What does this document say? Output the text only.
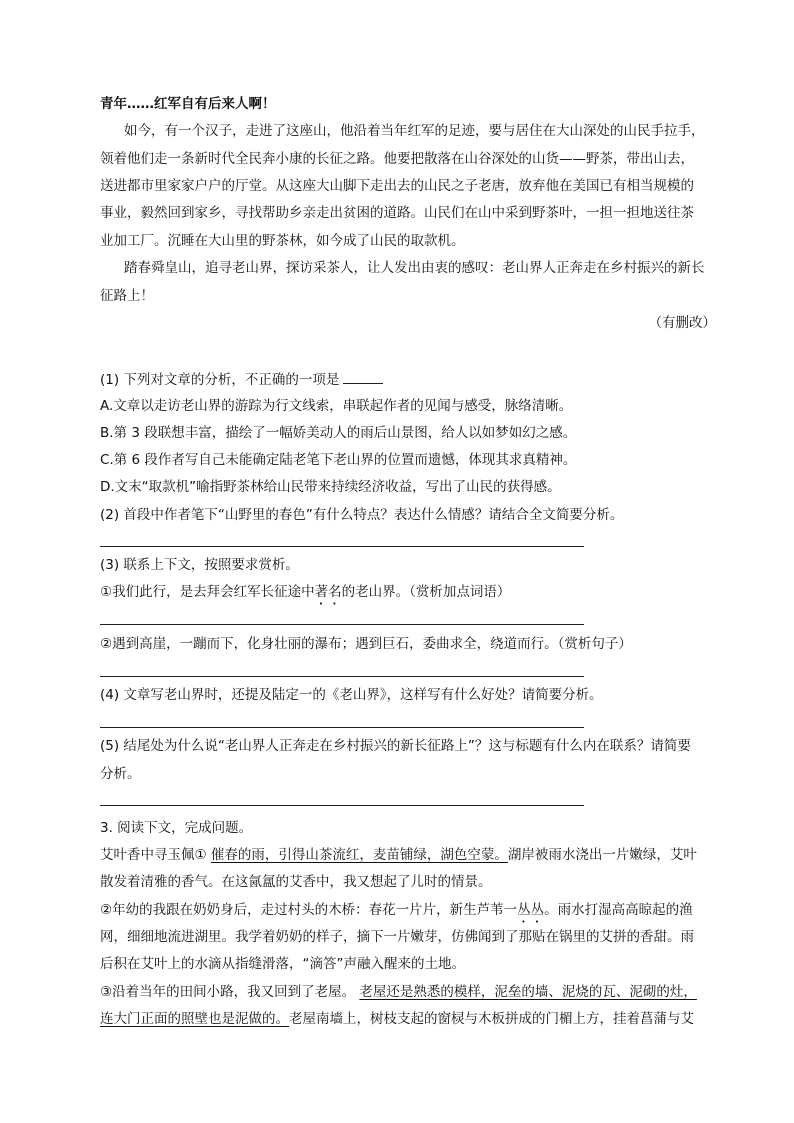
青年……红军自有后来人啊！
如今，有一个汉子，走进了这座山，他沿着当年红军的足迹，要与居住在大山深处的山民手拉手，
领着他们走一条新时代全民奔小康的长征之路。他要把散落在山谷深处的山货——野茶，带出山去，
送进都市里家家户户的厅堂。从这座大山脚下走出去的山民之子老唐，放弃他在美国已有相当规模的
事业，毅然回到家乡，寻找帮助乡亲走出贫困的道路。山民们在山中采到野茶叶，一担一担地送往茶
业加工厂。沉睡在大山里的野茶林，如今成了山民的取款机。
踏春舜皇山，追寻老山界，探访采茶人，让人发出由衷的感叹：老山界人正奔走在乡村振兴的新长
征路上！
（有删改）
(1) 下列对文章的分析，不正确的一项是
A.文章以走访老山界的游踪为行文线索，串联起作者的见闻与感受，脉络清晰。
B.第 3 段联想丰富，描绘了一幅娇美动人的雨后山景图，给人以如梦如幻之感。
C.第 6 段作者写自己未能确定陆老笔下老山界的位置而遗憾，体现其求真精神。
D.文末“取款机”喻指野茶林给山民带来持续经济收益，写出了山民的获得感。
(2) 首段中作者笔下“山野里的春色”有什么特点？表达什么情感？请结合全文简要分析。
(3) 联系上下文，按照要求赏析。
①我们此行，是去拜会红军长征途中著名的老山界。（赏析加点词语）
②遇到高崖，一蹦而下，化身壮丽的瀑布；遇到巨石，委曲求全，绕道而行。（赏析句子）
(4) 文章写老山界时，还提及陆定一的《老山界》，这样写有什么好处？请简要分析。
(5) 结尾处为什么说“老山界人正奔走在乡村振兴的新长征路上”？这与标题有什么内在联系？请简要
分析。
3. 阅读下文，完成问题。
艾叶香中寻玉佩① 催春的雨，引得山茶流红，麦苗铺绿，湖色空蒙。湖岸被雨水浇出一片嫩绿，艾叶
散发着清雅的香气。在这氤氲的艾香中，我又想起了儿时的情景。
②年幼的我跟在奶奶身后，走过村头的木桥：春花一片片，新生芦苇一丛丛。雨水打湿高高晾起的渔
网，细细地流进湖里。我学着奶奶的样子，摘下一片嫩芽，仿佛闻到了那贴在锅里的艾拼的香甜。雨
后积在艾叶上的水滴从指缝滑落，“滴答”声融入醒来的土地。
③沿着当年的田间小路，我又回到了老屋。 老屋还是熟悉的模样，泥垒的墙、泥烧的瓦、泥砌的灶，
连大门正面的照壁也是泥做的。老屋南墙上，树枝支起的窗棂与木板拼成的门楣上方，挂着菖蒲与艾
